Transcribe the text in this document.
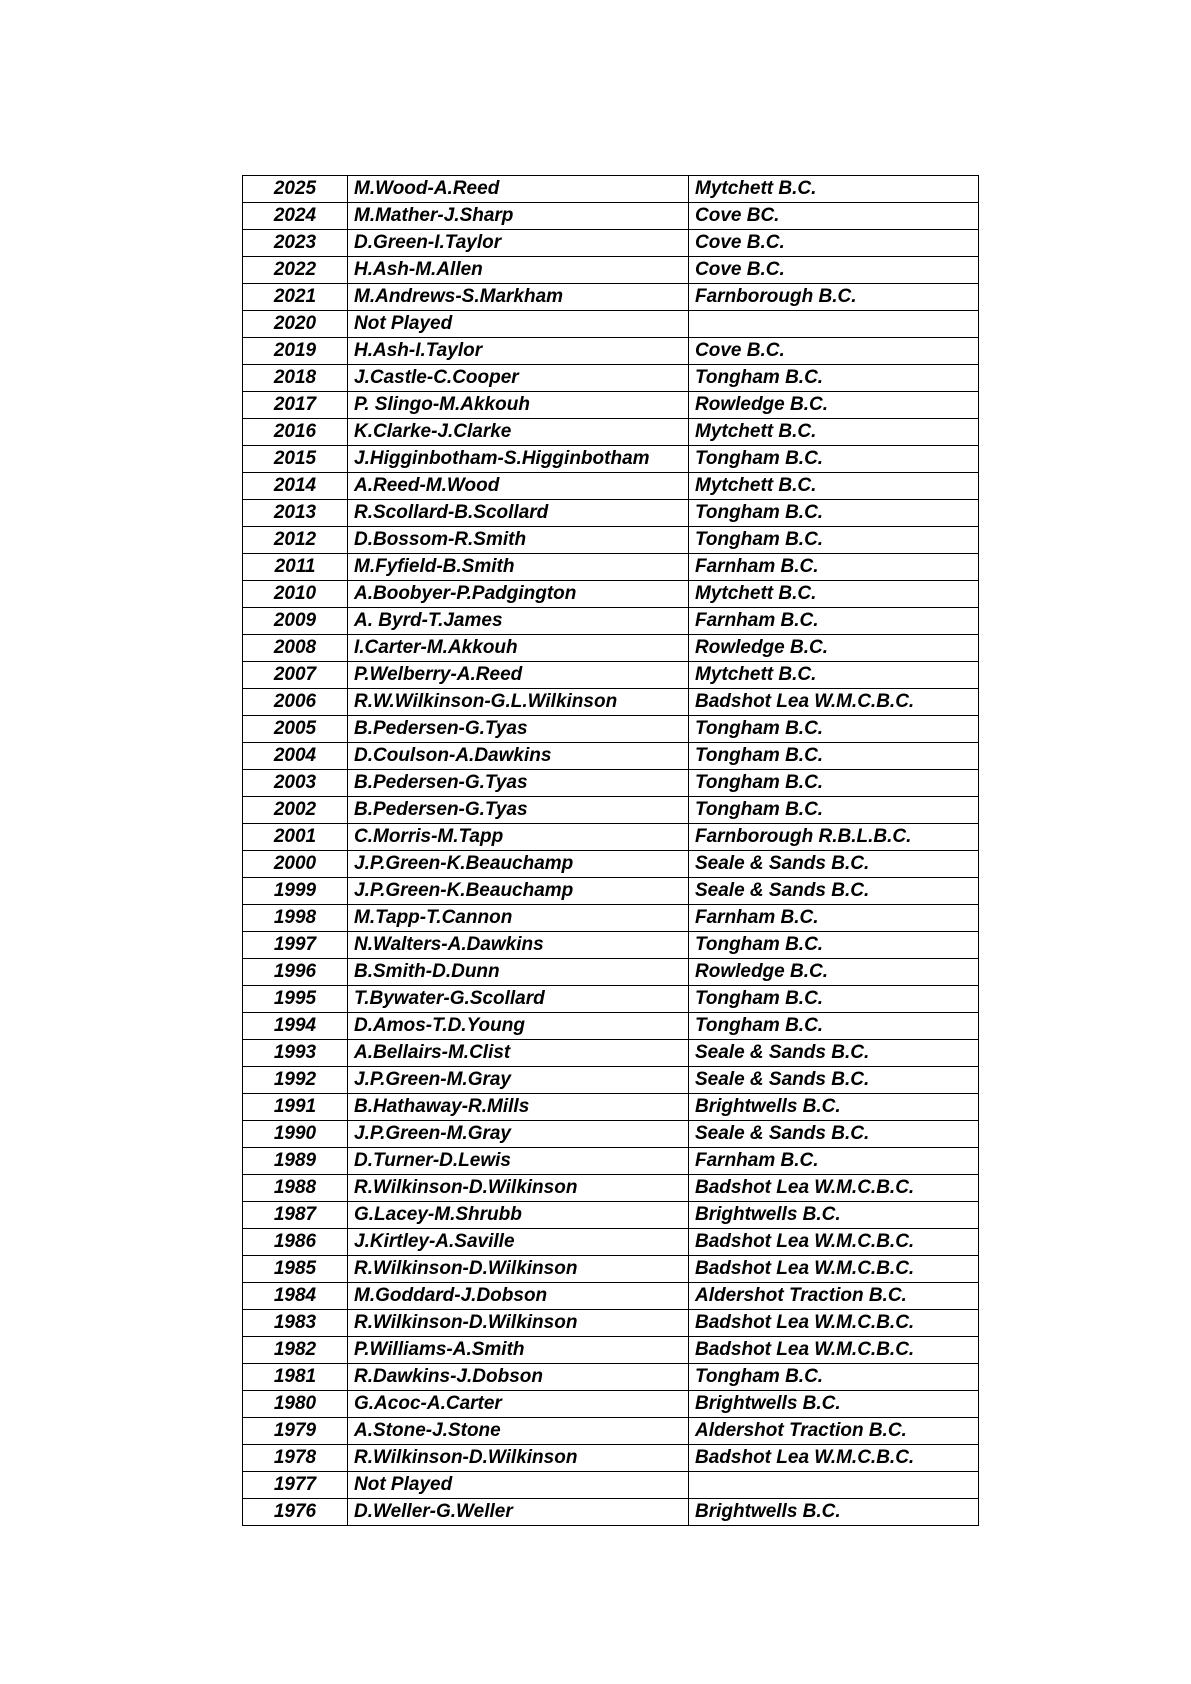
2025	M.Wood-A.Reed	Mytchett B.C.
2024	M.Mather-J.Sharp	Cove BC.
2023	D.Green-I.Taylor	Cove B.C.
2022	H.Ash-M.Allen	Cove B.C.
2021	M.Andrews-S.Markham	Farnborough B.C.
2020	Not Played	
2019	H.Ash-I.Taylor	Cove B.C.
2018	J.Castle-C.Cooper	Tongham B.C.
2017	P. Slingo-M.Akkouh	Rowledge B.C.
2016	K.Clarke-J.Clarke	Mytchett B.C.
2015	J.Higginbotham-S.Higginbotham	Tongham B.C.
2014	A.Reed-M.Wood	Mytchett B.C.
2013	R.Scollard-B.Scollard	Tongham B.C.
2012	D.Bossom-R.Smith	Tongham B.C.
2011	M.Fyfield-B.Smith	Farnham B.C.
2010	A.Boobyer-P.Padgington	Mytchett B.C.
2009	A. Byrd-T.James	Farnham B.C.
2008	I.Carter-M.Akkouh	Rowledge B.C.
2007	P.Welberry-A.Reed	Mytchett B.C.
2006	R.W.Wilkinson-G.L.Wilkinson	Badshot Lea W.M.C.B.C.
2005	B.Pedersen-G.Tyas	Tongham B.C.
2004	D.Coulson-A.Dawkins	Tongham B.C.
2003	B.Pedersen-G.Tyas	Tongham B.C.
2002	B.Pedersen-G.Tyas	Tongham B.C.
2001	C.Morris-M.Tapp	Farnborough R.B.L.B.C.
2000	J.P.Green-K.Beauchamp	Seale & Sands B.C.
1999	J.P.Green-K.Beauchamp	Seale & Sands B.C.
1998	M.Tapp-T.Cannon	Farnham B.C.
1997	N.Walters-A.Dawkins	Tongham B.C.
1996	B.Smith-D.Dunn	Rowledge B.C.
1995	T.Bywater-G.Scollard	Tongham B.C.
1994	D.Amos-T.D.Young	Tongham B.C.
1993	A.Bellairs-M.Clist	Seale & Sands B.C.
1992	J.P.Green-M.Gray	Seale & Sands B.C.
1991	B.Hathaway-R.Mills	Brightwells B.C.
1990	J.P.Green-M.Gray	Seale & Sands B.C.
1989	D.Turner-D.Lewis	Farnham B.C.
1988	R.Wilkinson-D.Wilkinson	Badshot Lea W.M.C.B.C.
1987	G.Lacey-M.Shrubb	Brightwells B.C.
1986	J.Kirtley-A.Saville	Badshot Lea W.M.C.B.C.
1985	R.Wilkinson-D.Wilkinson	Badshot Lea W.M.C.B.C.
1984	M.Goddard-J.Dobson	Aldershot Traction B.C.
1983	R.Wilkinson-D.Wilkinson	Badshot Lea W.M.C.B.C.
1982	P.Williams-A.Smith	Badshot Lea W.M.C.B.C.
1981	R.Dawkins-J.Dobson	Tongham B.C.
1980	G.Acoc-A.Carter	Brightwells B.C.
1979	A.Stone-J.Stone	Aldershot Traction B.C.
1978	R.Wilkinson-D.Wilkinson	Badshot Lea W.M.C.B.C.
1977	Not Played	
1976	D.Weller-G.Weller	Brightwells B.C.
